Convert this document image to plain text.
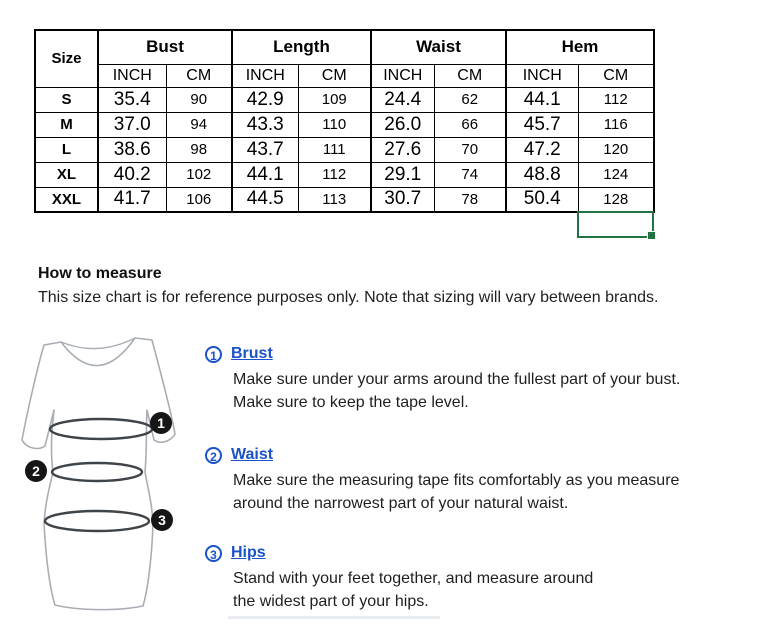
Size	Bust		Length		Waist		Hem	
	INCH	CM	INCH	CM	INCH	CM	INCH	CM
S	35.4	90	42.9	109	24.4	62	44.1	112
M	37.0	94	43.3	110	26.0	66	45.7	116
L	38.6	98	43.7	111	27.6	70	47.2	120
XL	40.2	102	44.1	112	29.1	74	48.8	124
XXL	41.7	106	44.5	113	30.7	78	50.4	128
How to measure
This size chart is for reference purposes only. Note that sizing will vary between brands.
1
2
3
1 Brust
Make sure under your arms around the fullest part of your bust.
Make sure to keep the tape level.
2 Waist
Make sure the measuring tape fits comfortably as you measure
around the narrowest part of your natural waist.
3 Hips
Stand with your feet together, and measure around
the widest part of your hips.
